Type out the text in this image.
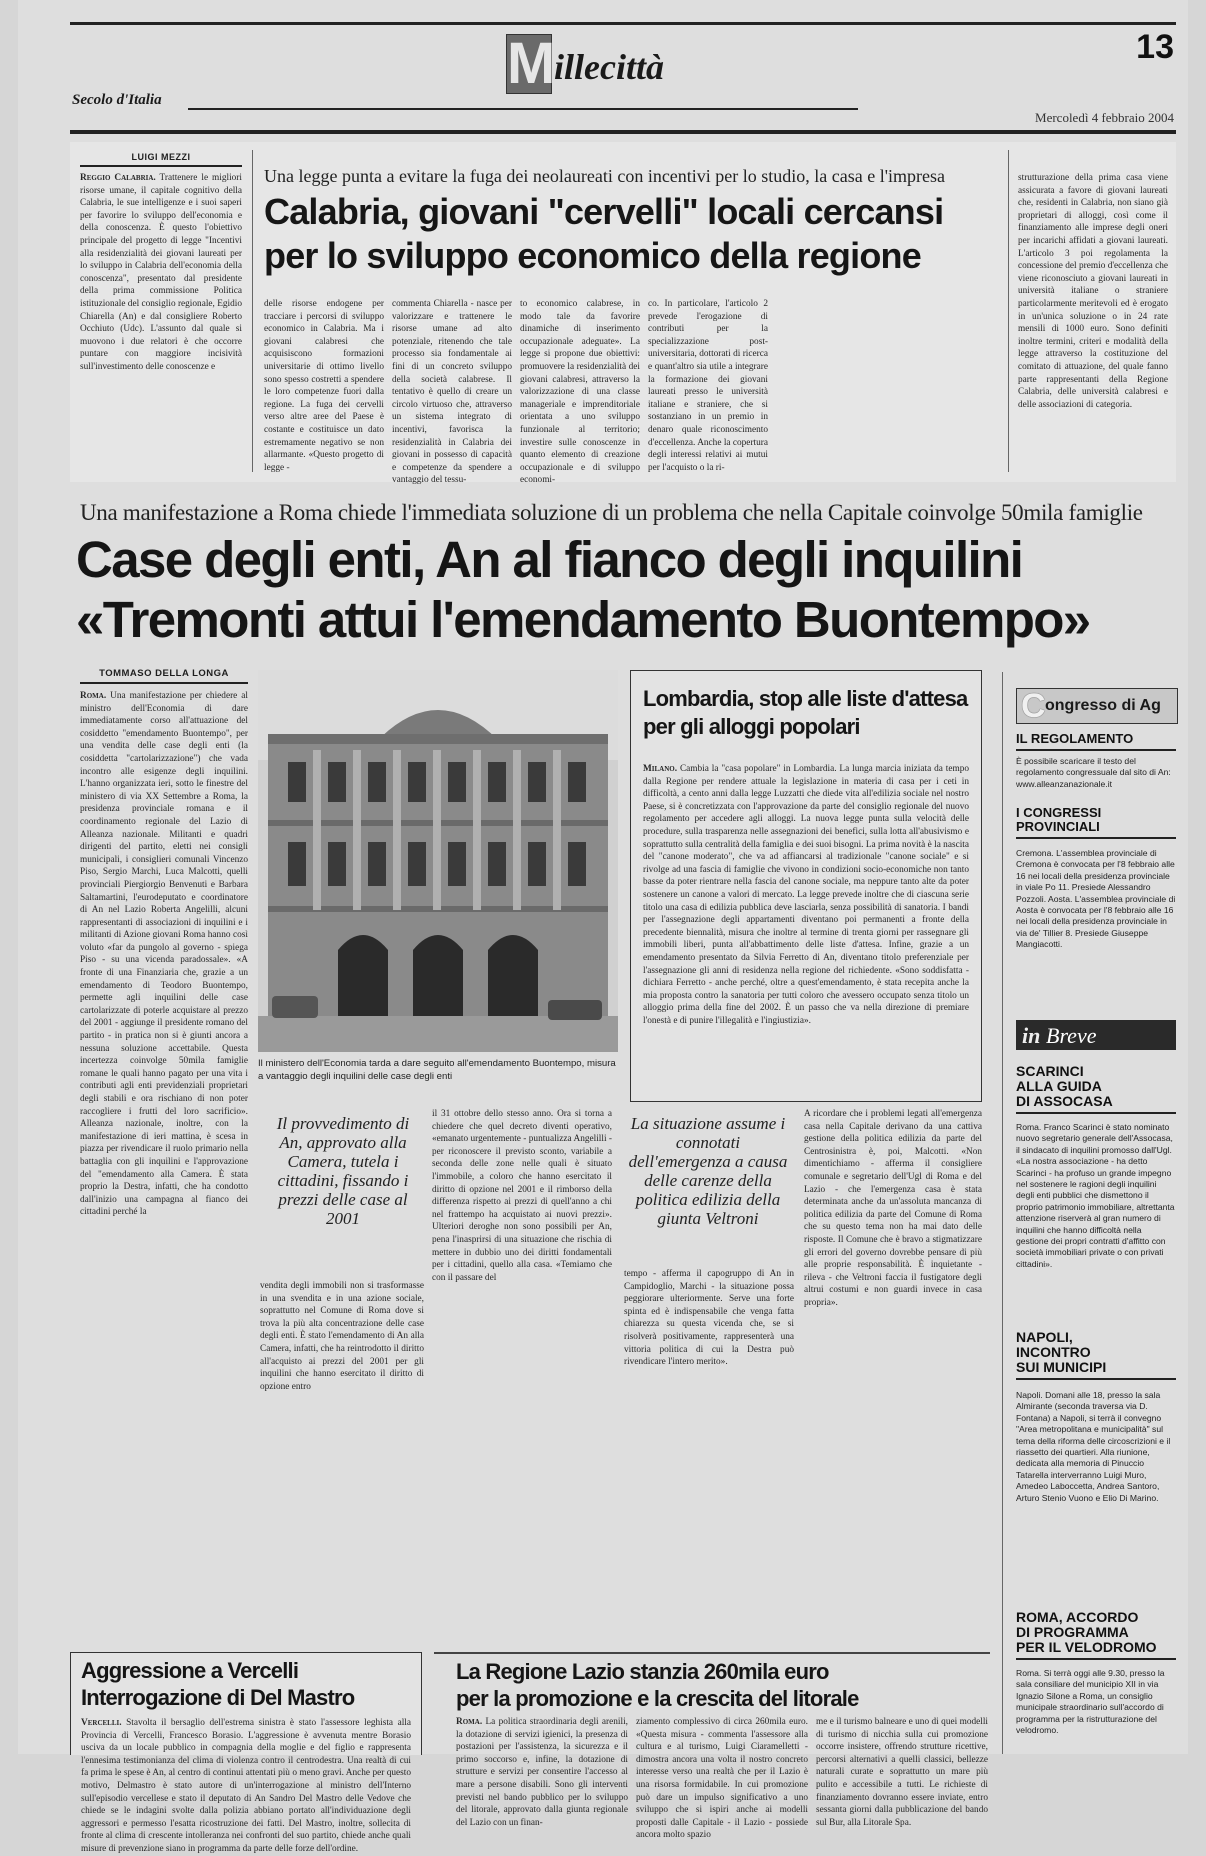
M
illecittà	13
Secolo d'Italia
Mercoledì 4 febbraio 2004
LUIGI MEZZI
Reggio Calabria. Trattenere le migliori risorse umane, il capitale cognitivo della Calabria, le sue intelligenze e i suoi saperi per favorire lo sviluppo dell'economia e della conoscenza. È questo l'obiettivo principale del progetto di legge "Incentivi alla residenzialità dei giovani laureati per lo sviluppo in Calabria dell'economia della conoscenza", presentato dal presidente della prima commissione Politica istituzionale del consiglio regionale, Egidio Chiarella (An) e dal consigliere Roberto Occhiuto (Udc). L'assunto dal quale si muovono i due relatori è che occorre puntare con maggiore incisività sull'investimento delle conoscenze e
Una legge punta a evitare la fuga dei neolaureati con incentivi per lo studio, la casa e l'impresa
Calabria, giovani "cervelli" locali cercansi
per lo sviluppo economico della regione
delle risorse endogene per tracciare i percorsi di sviluppo economico in Calabria. Ma i giovani calabresi che acquisiscono formazioni universitarie di ottimo livello sono spesso costretti a spendere le loro competenze fuori dalla regione. La fuga dei cervelli verso altre aree del Paese è costante e costituisce un dato estremamente negativo se non allarmante. «Questo progetto di legge -
commenta Chiarella - nasce per valorizzare e trattenere le risorse umane ad alto potenziale, ritenendo che tale processo sia fondamentale ai fini di un concreto sviluppo della società calabrese. Il tentativo è quello di creare un circolo virtuoso che, attraverso un sistema integrato di incentivi, favorisca la residenzialità in Calabria dei giovani in possesso di capacità e competenze da spendere a vantaggio del tessu-
to economico calabrese, in modo tale da favorire dinamiche di inserimento occupazionale adeguate». La legge si propone due obiettivi: promuovere la residenzialità dei giovani calabresi, attraverso la valorizzazione di una classe manageriale e imprenditoriale orientata a uno sviluppo funzionale al territorio; investire sulle conoscenze in quanto elemento di creazione occupazionale e di sviluppo economi-
co. In particolare, l'articolo 2 prevede l'erogazione di contributi per la specializzazione post-universitaria, dottorati di ricerca e quant'altro sia utile a integrare la formazione dei giovani laureati presso le università italiane e straniere, che si sostanziano in un premio in denaro quale riconoscimento d'eccellenza. Anche la copertura degli interessi relativi ai mutui per l'acquisto o la ri-
strutturazione della prima casa viene assicurata a favore di giovani laureati che, residenti in Calabria, non siano già proprietari di alloggi, così come il finanziamento alle imprese degli oneri per incarichi affidati a giovani laureati. L'articolo 3 poi regolamenta la concessione del premio d'eccellenza che viene riconosciuto a giovani laureati in università italiane o straniere particolarmente meritevoli ed è erogato in un'unica soluzione o in 24 rate mensili di 1000 euro. Sono definiti inoltre termini, criteri e modalità della legge attraverso la costituzione del comitato di attuazione, del quale fanno parte rappresentanti della Regione Calabria, delle università calabresi e delle associazioni di categoria.
Una manifestazione a Roma chiede l'immediata soluzione di un problema che nella Capitale coinvolge 50mila famiglie
Case degli enti, An al fianco degli inquilini
«Tremonti attui l'emendamento Buontempo»
TOMMASO DELLA LONGA
Roma. Una manifestazione per chiedere al ministro dell'Economia di dare immediatamente corso all'attuazione del cosiddetto "emendamento Buontempo", per una vendita delle case degli enti (la cosiddetta "cartolarizzazione") che vada incontro alle esigenze degli inquilini. L'hanno organizzata ieri, sotto le finestre del ministero di via XX Settembre a Roma, la presidenza provinciale romana e il coordinamento regionale del Lazio di Alleanza nazionale. Militanti e quadri dirigenti del partito, eletti nei consigli municipali, i consiglieri comunali Vincenzo Piso, Sergio Marchi, Luca Malcotti, quelli provinciali Piergiorgio Benvenuti e Barbara Saltamartini, l'eurodeputato e coordinatore di An nel Lazio Roberta Angelilli, alcuni rappresentanti di associazioni di inquilini e i militanti di Azione giovani Roma hanno così voluto «far da pungolo al governo - spiega Piso - su una vicenda paradossale». «A fronte di una Finanziaria che, grazie a un emendamento di Teodoro Buontempo, permette agli inquilini delle case cartolarizzate di poterle acquistare al prezzo del 2001 - aggiunge il presidente romano del partito - in pratica non si è giunti ancora a nessuna soluzione accettabile. Questa incertezza coinvolge 50mila famiglie romane le quali hanno pagato per una vita i contributi agli enti previdenziali proprietari degli stabili e ora rischiano di non poter raccogliere i frutti del loro sacrificio». Alleanza nazionale, inoltre, con la manifestazione di ieri mattina, è scesa in piazza per rivendicare il ruolo primario nella battaglia con gli inquilini e l'approvazione del "emendamento alla Camera. È stata proprio la Destra, infatti, che ha condotto dall'inizio una campagna al fianco dei cittadini perché la
Il ministero dell'Economia tarda a dare seguito all'emendamento Buontempo, misura a vantaggio degli inquilini delle case degli enti
Il provvedimento di An, approvato alla Camera, tutela i cittadini, fissando i prezzi delle case al 2001
vendita degli immobili non si trasformasse in una svendita e in una azione sociale, soprattutto nel Comune di Roma dove si trova la più alta concentrazione delle case degli enti. È stato l'emendamento di An alla Camera, infatti, che ha reintrodotto il diritto all'acquisto ai prezzi del 2001 per gli inquilini che hanno esercitato il diritto di opzione entro
il 31 ottobre dello stesso anno. Ora si torna a chiedere che quel decreto diventi operativo, «emanato urgentemente - puntualizza Angelilli - per riconoscere il previsto sconto, variabile a seconda delle zone nelle quali è situato l'immobile, a coloro che hanno esercitato il diritto di opzione nel 2001 e il rimborso della differenza rispetto ai prezzi di quell'anno a chi nel frattempo ha acquistato ai nuovi prezzi». Ulteriori deroghe non sono possibili per An, pena l'inasprirsi di una situazione che rischia di mettere in dubbio uno dei diritti fondamentali per i cittadini, quello alla casa. «Temiamo che con il passare del
La situazione assume i connotati dell'emergenza a causa delle carenze della politica edilizia della giunta Veltroni
tempo - afferma il capogruppo di An in Campidoglio, Marchi - la situazione possa peggiorare ulteriormente. Serve una forte spinta ed è indispensabile che venga fatta chiarezza su questa vicenda che, se si risolverà positivamente, rappresenterà una vittoria politica di cui la Destra può rivendicare l'intero merito».
A ricordare che i problemi legati all'emergenza casa nella Capitale derivano da una cattiva gestione della politica edilizia da parte del Centrosinistra è, poi, Malcotti. «Non dimentichiamo - afferma il consigliere comunale e segretario dell'Ugl di Roma e del Lazio - che l'emergenza casa è stata determinata anche da un'assoluta mancanza di politica edilizia da parte del Comune di Roma che su questo tema non ha mai dato delle risposte. Il Comune che è bravo a stigmatizzare gli errori del governo dovrebbe pensare di più alle proprie responsabilità. È inquietante - rileva - che Veltroni faccia il fustigatore degli altrui costumi e non guardi invece in casa propria».
Lombardia, stop alle liste d'attesa
per gli alloggi popolari
Milano. Cambia la "casa popolare" in Lombardia. La lunga marcia iniziata da tempo dalla Regione per rendere attuale la legislazione in materia di casa per i ceti in difficoltà, a cento anni dalla legge Luzzatti che diede vita all'edilizia sociale nel nostro Paese, si è concretizzata con l'approvazione da parte del consiglio regionale del nuovo regolamento per accedere agli alloggi. La nuova legge punta sulla velocità delle procedure, sulla trasparenza nelle assegnazioni dei benefici, sulla lotta all'abusivismo e soprattutto sulla centralità della famiglia e dei suoi bisogni. La prima novità è la nascita del "canone moderato", che va ad affiancarsi al tradizionale "canone sociale" e si rivolge ad una fascia di famiglie che vivono in condizioni socio-economiche non tanto basse da poter rientrare nella fascia del canone sociale, ma neppure tanto alte da poter sostenere un canone a valori di mercato. La legge prevede inoltre che di ciascuna serie titolo una casa di edilizia pubblica deve lasciarla, senza possibilità di sanatoria. I bandi per l'assegnazione degli appartamenti diventano poi permanenti a fronte della precedente biennalità, misura che inoltre al termine di trenta giorni per rassegnare gli immobili liberi, punta all'abbattimento delle liste d'attesa. Infine, grazie a un emendamento presentato da Silvia Ferretto di An, diventano titolo preferenziale per l'assegnazione gli anni di residenza nella regione del richiedente. «Sono soddisfatta - dichiara Ferretto - anche perché, oltre a quest'emendamento, è stata recepita anche la mia proposta contro la sanatoria per tutti coloro che avessero occupato senza titolo un alloggio prima della fine del 2002. È un passo che va nella direzione di premiare l'onestà e di punire l'illegalità e l'ingiustizia».
C ongresso di Ag
IL REGOLAMENTO
È possibile scaricare il testo del regolamento congressuale dal sito di An: www.alleanzanazionale.it
I CONGRESSI
PROVINCIALI
Cremona. L'assemblea provinciale di Cremona è convocata per l'8 febbraio alle 16 nei locali della presidenza provinciale in viale Po 11. Presiede Alessandro Pozzoli. Aosta. L'assemblea provinciale di Aosta è convocata per l'8 febbraio alle 16 nei locali della presidenza provinciale in via de' Tillier 8. Presiede Giuseppe Mangiacotti.
in Breve
SCARINCI
ALLA GUIDA
DI ASSOCASA
Roma. Franco Scarinci è stato nominato nuovo segretario generale dell'Assocasa, il sindacato di inquilini promosso dall'Ugl. «La nostra associazione - ha detto Scarinci - ha profuso un grande impegno nel sostenere le ragioni degli inquilini degli enti pubblici che dismettono il proprio patrimonio immobiliare, altrettanta attenzione riserverà al gran numero di inquilini che hanno difficoltà nella gestione dei propri contratti d'affitto con società immobiliari private o con privati cittadini».
NAPOLI,
INCONTRO
SUI MUNICIPI
Napoli. Domani alle 18, presso la sala Almirante (seconda traversa via D. Fontana) a Napoli, si terrà il convegno "Area metropolitana e municipalità" sul tema della riforma delle circoscrizioni e il riassetto dei quartieri. Alla riunione, dedicata alla memoria di Pinuccio Tatarella interverranno Luigi Muro, Amedeo Laboccetta, Andrea Santoro, Arturo Stenio Vuono e Elio Di Marino.
ROMA, ACCORDO
DI PROGRAMMA
PER IL VELODROMO
Roma. Si terrà oggi alle 9.30, presso la sala consiliare del municipio XII in via Ignazio Silone a Roma, un consiglio municipale straordinario sull'accordo di programma per la ristrutturazione del velodromo.
Aggressione a Vercelli
Interrogazione di Del Mastro
Vercelli. Stavolta il bersaglio dell'estrema sinistra è stato l'assessore leghista alla Provincia di Vercelli, Francesco Borasio. L'aggressione è avvenuta mentre Borasio usciva da un locale pubblico in compagnia della moglie e del figlio e rappresenta l'ennesima testimonianza del clima di violenza contro il centrodestra. Una realtà di cui fa prima le spese è An, al centro di continui attentati più o meno gravi. Anche per questo motivo, Delmastro è stato autore di un'interrogazione al ministro dell'Interno sull'episodio vercellese e stato il deputato di An Sandro Del Mastro delle Vedove che chiede se le indagini svolte dalla polizia abbiano portato all'individuazione degli aggressori e permesso l'esatta ricostruzione dei fatti. Del Mastro, inoltre, sollecita di fronte al clima di crescente intolleranza nei confronti del suo partito, chiede anche quali misure di prevenzione siano in programma da parte delle forze dell'ordine.
La Regione Lazio stanzia 260mila euro
per la promozione e la crescita del litorale
Roma. La politica straordinaria degli arenili, la dotazione di servizi igienici, la presenza di postazioni per l'assistenza, la sicurezza e il primo soccorso e, infine, la dotazione di strutture e servizi per consentire l'accesso al mare a persone disabili. Sono gli interventi previsti nel bando pubblico per lo sviluppo del litorale, approvato dalla giunta regionale del Lazio con un finan-
ziamento complessivo di circa 260mila euro. «Questa misura - commenta l'assessore alla cultura e al turismo, Luigi Ciaramelletti - dimostra ancora una volta il nostro concreto interesse verso una realtà che per il Lazio è una risorsa formidabile. In cui promozione può dare un impulso significativo a uno sviluppo che si ispiri anche ai modelli proposti dalle Capitale - il Lazio - possiede ancora molto spazio
me e il turismo balneare e uno di quei modelli di turismo di nicchia sulla cui promozione occorre insistere, offrendo strutture ricettive, percorsi alternativi a quelli classici, bellezze naturali curate e soprattutto un mare più pulito e accessibile a tutti. Le richieste di finanziamento dovranno essere inviate, entro sessanta giorni dalla pubblicazione del bando sul Bur, alla Litorale Spa.
